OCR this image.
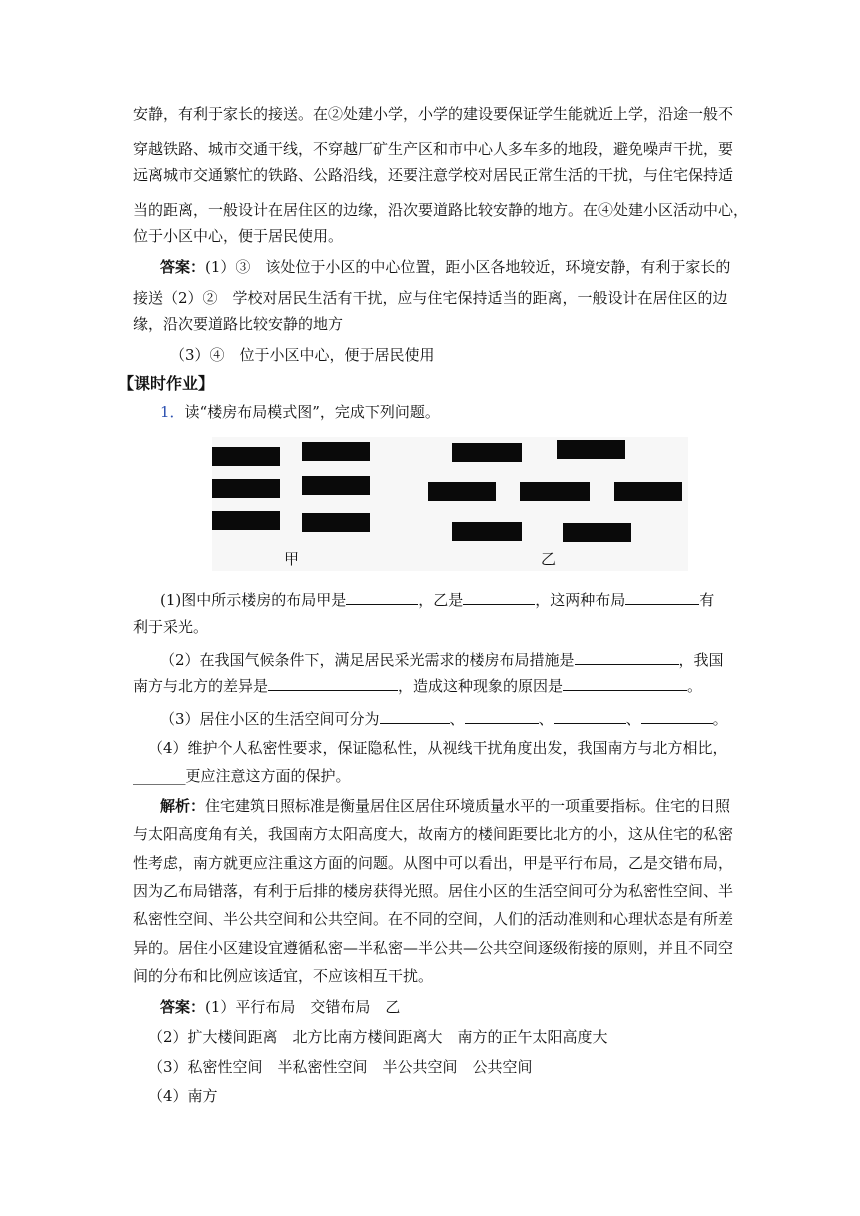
安静，有利于家长的接送。在②处建小学，小学的建设要保证学生能就近上学，沿途一般不
穿越铁路、城市交通干线，不穿越厂矿生产区和市中心人多车多的地段，避免噪声干扰，要
远离城市交通繁忙的铁路、公路沿线，还要注意学校对居民正常生活的干扰，与住宅保持适
当的距离，一般设计在居住区的边缘，沿次要道路比较安静的地方。在④处建小区活动中心，
位于小区中心，便于居民使用。
答案：(1）③　该处位于小区的中心位置，距小区各地较近，环境安静，有利于家长的
接送（2）②　学校对居民生活有干扰，应与住宅保持适当的距离，一般设计在居住区的边
缘，沿次要道路比较安静的地方
（3）④　位于小区中心，便于居民使用
【课时作业】
1．读“楼房布局模式图”，完成下列问题。
甲	乙
(1)图中所示楼房的布局甲是	，乙是	，这两种布局	有
利于采光。
（2）在我国气候条件下，满足居民采光需求的楼房布局措施是	，我国
南方与北方的差异是	，造成这种现象的原因是	。
（3）居住小区的生活空间可分为	、	、	、	。
（4）维护个人私密性要求，保证隐私性，从视线干扰角度出发，我国南方与北方相比，
_______更应注意这方面的保护。
解析：住宅建筑日照标准是衡量居住区居住环境质量水平的一项重要指标。住宅的日照
与太阳高度角有关，我国南方太阳高度大，故南方的楼间距要比北方的小，这从住宅的私密
性考虑，南方就更应注重这方面的问题。从图中可以看出，甲是平行布局，乙是交错布局，
因为乙布局错落，有利于后排的楼房获得光照。居住小区的生活空间可分为私密性空间、半
私密性空间、半公共空间和公共空间。在不同的空间，人们的活动准则和心理状态是有所差
异的。居住小区建设宜遵循私密—半私密—半公共—公共空间逐级衔接的原则，并且不同空
间的分布和比例应该适宜，不应该相互干扰。
答案：(1）平行布局　交错布局　乙
（2）扩大楼间距离　北方比南方楼间距离大　南方的正午太阳高度大
（3）私密性空间　半私密性空间　半公共空间　公共空间
（4）南方
